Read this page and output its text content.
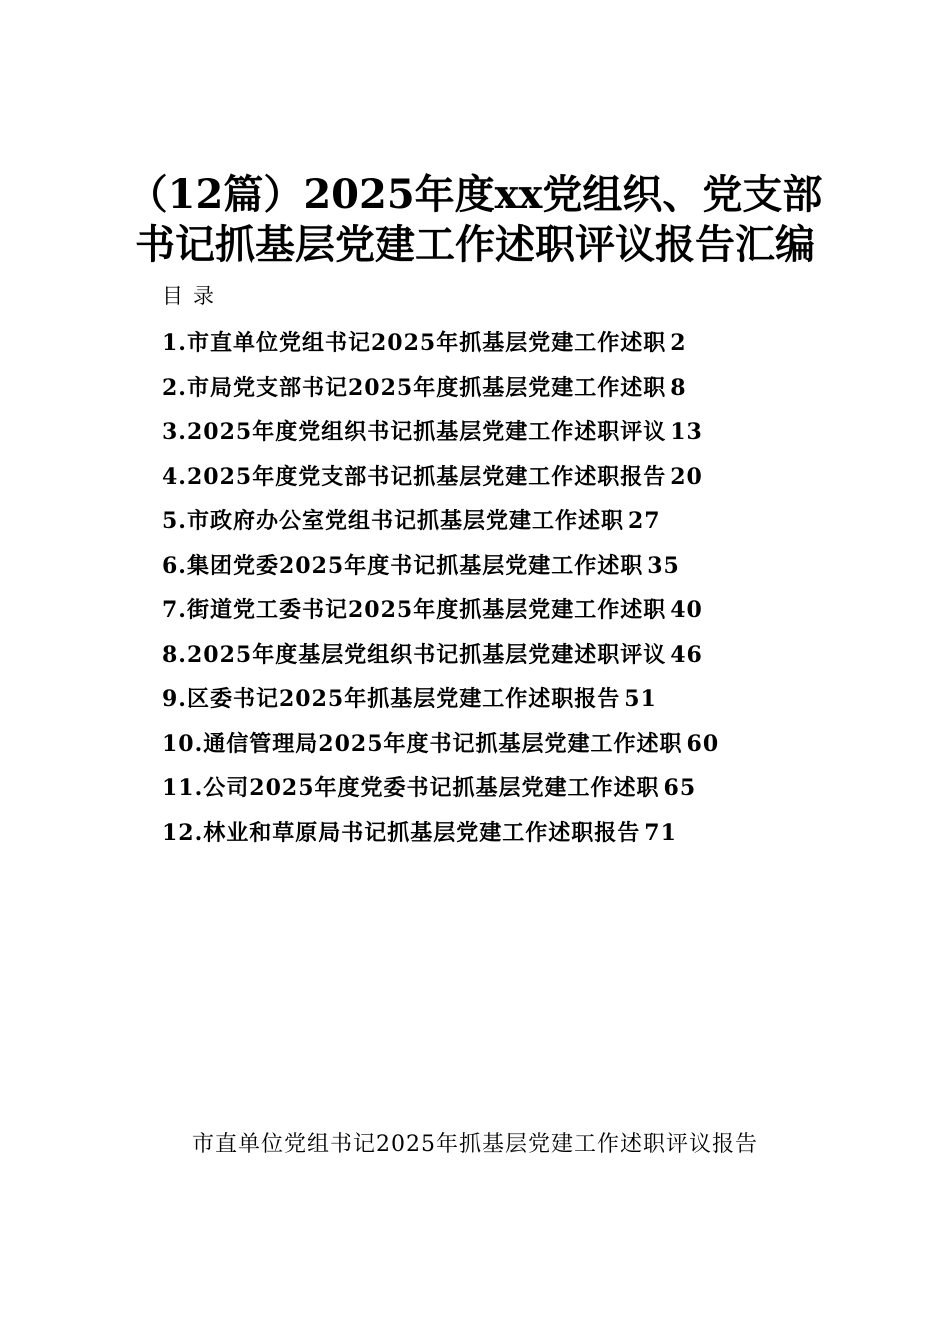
（12篇）2025年度xx党组织、党支部
书记抓基层党建工作述职评议报告汇编
目录
1.市直单位党组书记2025年抓基层党建工作述职 2
2.市局党支部书记2025年度抓基层党建工作述职 8
3.2025年度党组织书记抓基层党建工作述职评议 13
4.2025年度党支部书记抓基层党建工作述职报告 20
5.市政府办公室党组书记抓基层党建工作述职 27
6.集团党委2025年度书记抓基层党建工作述职 35
7.街道党工委书记2025年度抓基层党建工作述职 40
8.2025年度基层党组织书记抓基层党建述职评议 46
9.区委书记2025年抓基层党建工作述职报告 51
10.通信管理局2025年度书记抓基层党建工作述职 60
11.公司2025年度党委书记抓基层党建工作述职 65
12.林业和草原局书记抓基层党建工作述职报告 71
市直单位党组书记2025年抓基层党建工作述职评议报告
